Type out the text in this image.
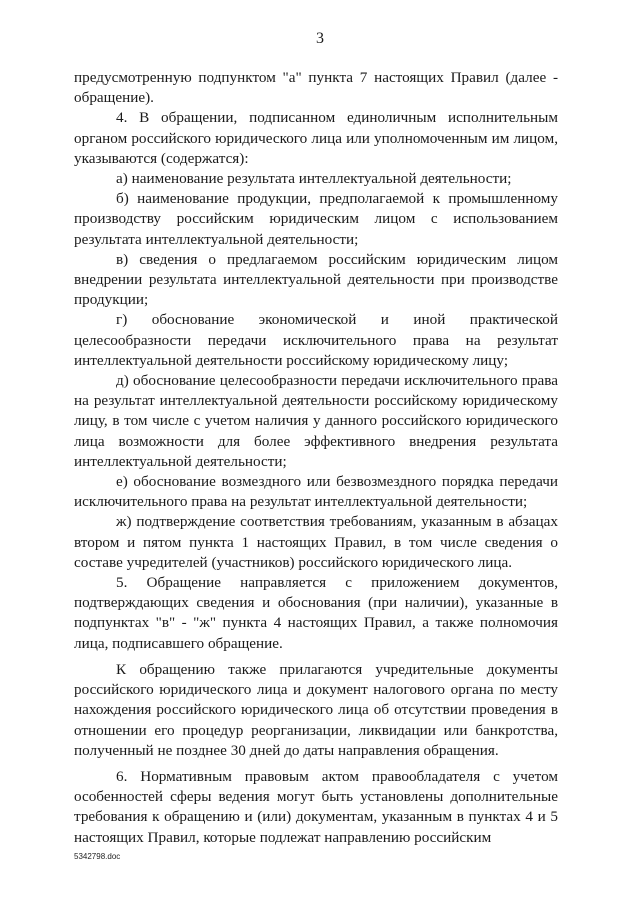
3

предусмотренную подпунктом "а" пункта 7 настоящих Правил (далее - обращение).

4. В обращении, подписанном единоличным исполнительным органом российского юридического лица или уполномоченным им лицом, указываются (содержатся):

а) наименование результата интеллектуальной деятельности;

б) наименование продукции, предполагаемой к промышленному производству российским юридическим лицом с использованием результата интеллектуальной деятельности;

в) сведения о предлагаемом российским юридическим лицом внедрении результата интеллектуальной деятельности при производстве продукции;

г) обоснование экономической и иной практической целесообразности передачи исключительного права на результат интеллектуальной деятельности российскому юридическому лицу;

д) обоснование целесообразности передачи исключительного права на результат интеллектуальной деятельности российскому юридическому лицу, в том числе с учетом наличия у данного российского юридического лица возможности для более эффективного внедрения результата интеллектуальной деятельности;

е) обоснование возмездного или безвозмездного порядка передачи исключительного права на результат интеллектуальной деятельности;

ж) подтверждение соответствия требованиям, указанным в абзацах втором и пятом пункта 1 настоящих Правил, в том числе сведения о составе учредителей (участников) российского юридического лица.

5. Обращение направляется с приложением документов, подтверждающих сведения и обоснования (при наличии), указанные в подпунктах "в" - "ж" пункта 4 настоящих Правил, а также полномочия лица, подписавшего обращение.

К обращению также прилагаются учредительные документы российского юридического лица и документ налогового органа по месту нахождения российского юридического лица об отсутствии проведения в отношении его процедур реорганизации, ликвидации или банкротства, полученный не позднее 30 дней до даты направления обращения.

6. Нормативным правовым актом правообладателя с учетом особенностей сферы ведения могут быть установлены дополнительные требования к обращению и (или) документам, указанным в пунктах 4 и 5 настоящих Правил, которые подлежат направлению российским

5342798.doc
